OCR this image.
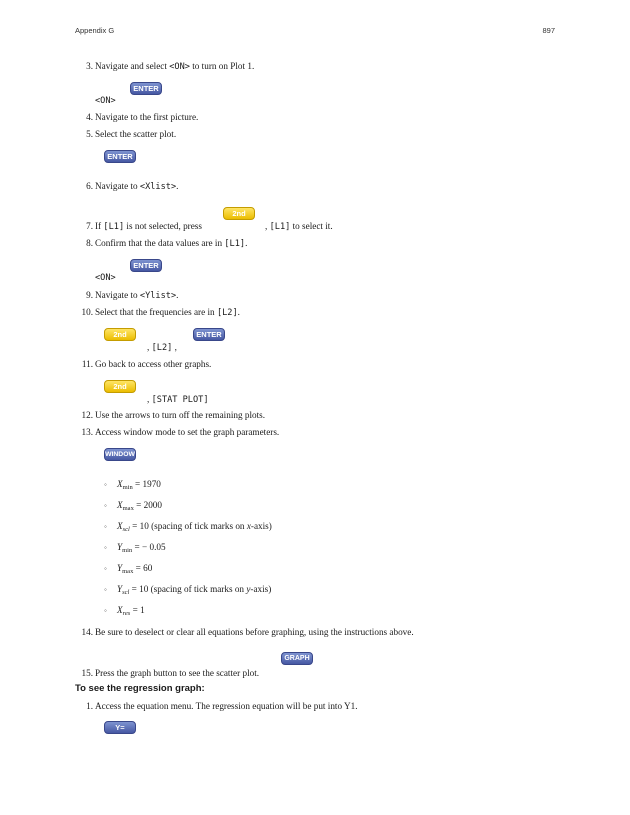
Appendix G	897
3. Navigate and select <ON> to turn on Plot 1.
ENTER
<ON>
4. Navigate to the first picture.
5. Select the scatter plot.
ENTER
6. Navigate to <Xlist>.
2nd
7. If [L1] is not selected, press	, [L1] to select it.
8. Confirm that the data values are in [L1].
ENTER
<ON>
9. Navigate to <Ylist>.
10. Select that the frequencies are in [L2].
2nd	ENTER
, [L2] ,
11. Go back to access other graphs.
2nd
, [STAT PLOT]
12. Use the arrows to turn off the remaining plots.
13. Access window mode to set the graph parameters.
WINDOW
◦ $X_{min} = 1970$
◦ $X_{max} = 2000$
◦ $X_{scl} = 10$ (spacing of tick marks on x-axis)
◦ $Y_{min}$ = − 0.05
◦ $Y_{max} = 60$
◦ $Y_{scl} = 10$ (spacing of tick marks on y-axis)
◦ $X_{res} = 1$
14. Be sure to deselect or clear all equations before graphing, using the instructions above.
GRAPH
15. Press the graph button to see the scatter plot.
To see the regression graph:
1. Access the equation menu. The regression equation will be put into Y1.
Y=
